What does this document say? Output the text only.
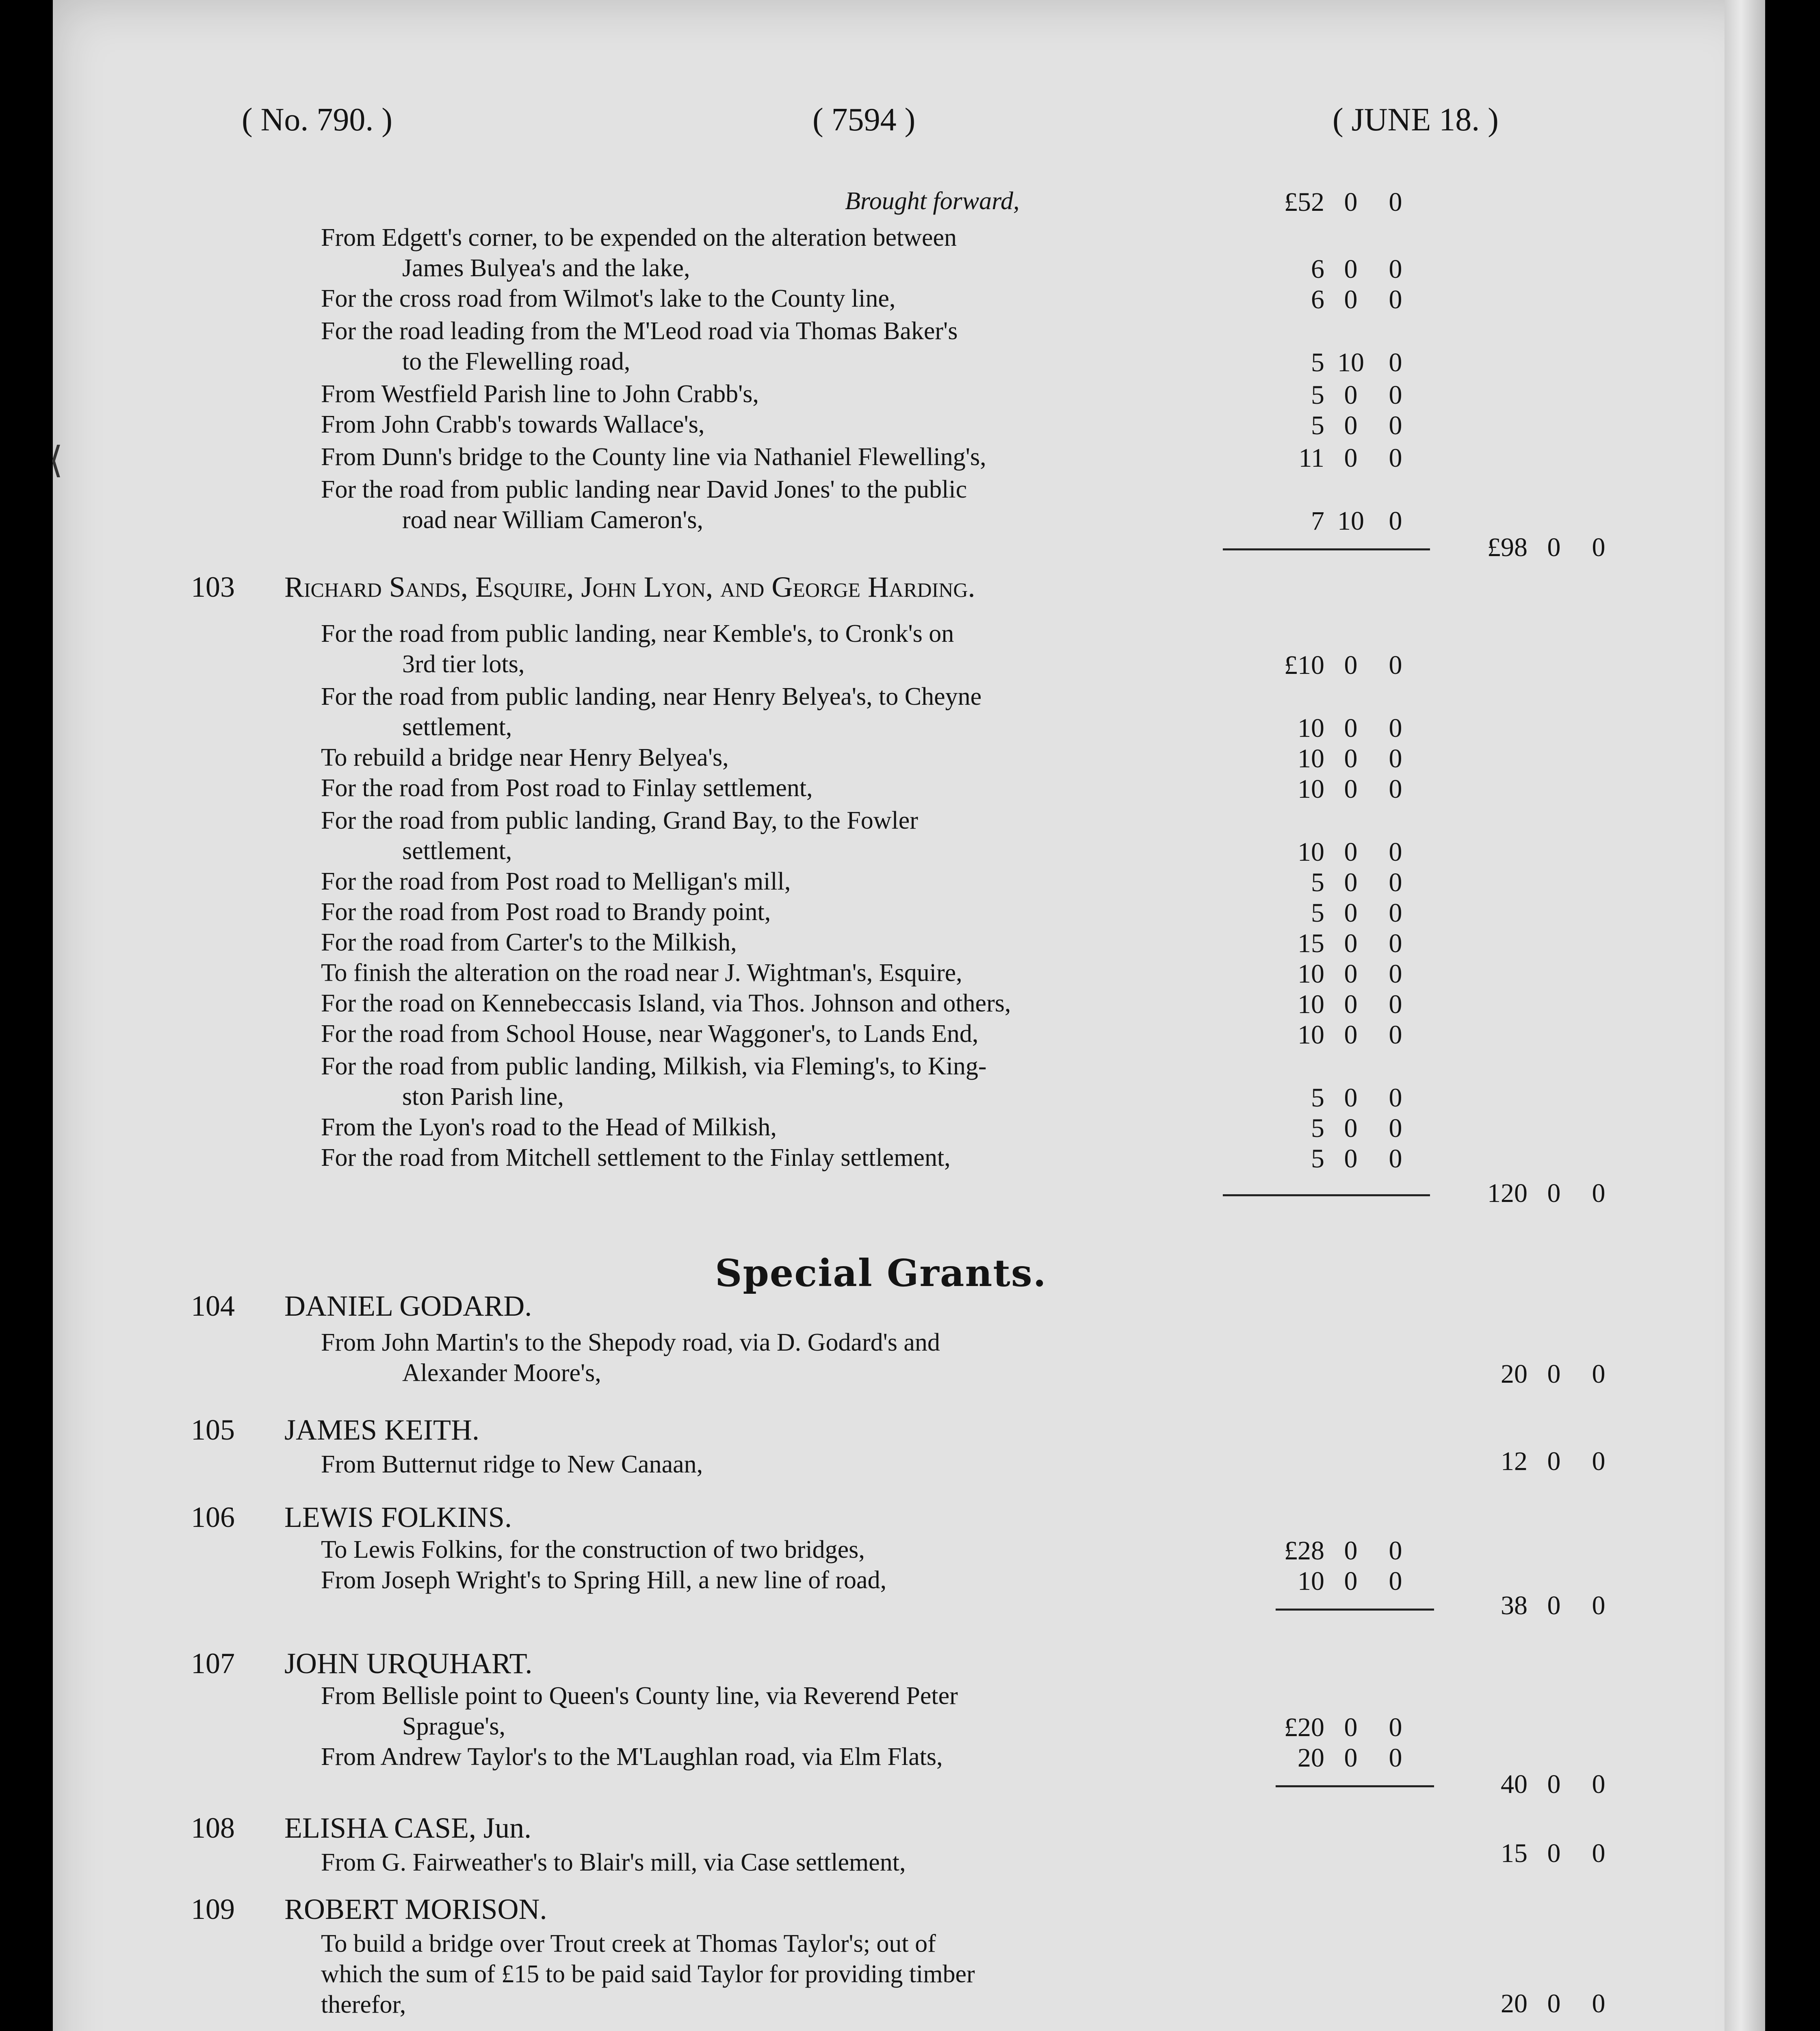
( No. 790. )	( 7594 )	( JUNE 18. )
⟨
Brought forward,	£52 0	0
From Edgett's corner, to be expended on the alteration between
James Bulyea's and the lake,	6 0	0
For the cross road from Wilmot's lake to the County line,	6 0	0
For the road leading from the M'Leod road via Thomas Baker's
to the Flewelling road,	5 10 0
From Westfield Parish line to John Crabb's,	5 0	0
From John Crabb's towards Wallace's,	5 0	0
From Dunn's bridge to the County line via Nathaniel Flewelling's,	11 0	0
For the road from public landing near David Jones' to the public
road near William Cameron's,	7 10 0
£98 0	0
103 Richard Sands, Esquire, John Lyon, and George Harding.
For the road from public landing, near Kemble's, to Cronk's on
3rd tier lots,	£10 0	0
For the road from public landing, near Henry Belyea's, to Cheyne
settlement,	10 0	0
To rebuild a bridge near Henry Belyea's,	10 0	0
For the road from Post road to Finlay settlement,	10 0	0
For the road from public landing, Grand Bay, to the Fowler
settlement,	10 0	0
For the road from Post road to Melligan's mill,	5 0	0
For the road from Post road to Brandy point,	5 0	0
For the road from Carter's to the Milkish,	15 0	0
To finish the alteration on the road near J. Wightman's, Esquire,	10 0	0
For the road on Kennebeccasis Island, via Thos. Johnson and others,	10 0	0
For the road from School House, near Waggoner's, to Lands End,	10 0	0
For the road from public landing, Milkish, via Fleming's, to King-
ston Parish line,	5 0	0
From the Lyon's road to the Head of Milkish,	5 0	0
For the road from Mitchell settlement to the Finlay settlement,	5 0	0
120 0	0
Special Grants.
104 DANIEL GODARD.
From John Martin's to the Shepody road, via D. Godard's and
Alexander Moore's,	20 0	0
105 JAMES KEITH.
From Butternut ridge to New Canaan,	12 0	0
106 LEWIS FOLKINS.
To Lewis Folkins, for the construction of two bridges,	£28 0	0
From Joseph Wright's to Spring Hill, a new line of road,	10 0	0
38 0	0
107 JOHN URQUHART.
From Bellisle point to Queen's County line, via Reverend Peter
Sprague's,	£20 0	0
From Andrew Taylor's to the M'Laughlan road, via Elm Flats,	20 0	0
40 0	0
108 ELISHA CASE, Jun.
From G. Fairweather's to Blair's mill, via Case settlement,	15 0	0
109 ROBERT MORISON.
To build a bridge over Trout creek at Thomas Taylor's; out of
which the sum of £15 to be paid said Taylor for providing timber
therefor,	20 0	0
